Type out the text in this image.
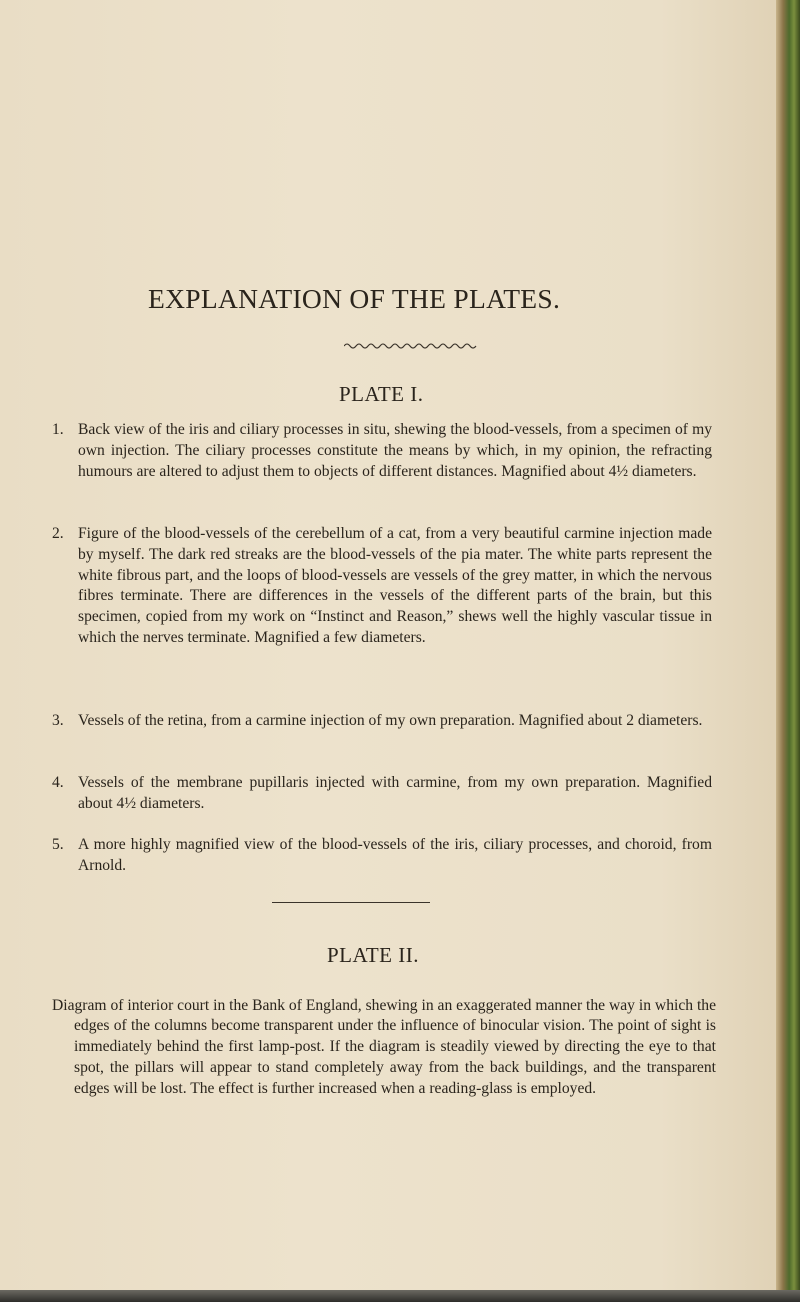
EXPLANATION OF THE PLATES.
PLATE I.
1. Back view of the iris and ciliary processes in situ, shewing the blood-vessels, from a specimen of my own injection. The ciliary processes constitute the means by which, in my opinion, the refracting humours are altered to adjust them to objects of different distances. Magnified about 4½ diameters.
2. Figure of the blood-vessels of the cerebellum of a cat, from a very beautiful carmine injection made by myself. The dark red streaks are the blood-vessels of the pia mater. The white parts represent the white fibrous part, and the loops of blood-vessels are vessels of the grey matter, in which the nervous fibres terminate. There are differences in the vessels of the different parts of the brain, but this specimen, copied from my work on “Instinct and Reason,” shews well the highly vascular tissue in which the nerves terminate. Magnified a few diameters.
3. Vessels of the retina, from a carmine injection of my own preparation. Magnified about 2 diameters.
4. Vessels of the membrane pupillaris injected with carmine, from my own preparation. Magnified about 4½ diameters.
5. A more highly magnified view of the blood-vessels of the iris, ciliary processes, and choroid, from Arnold.
PLATE II.

Diagram of interior court in the Bank of England, shewing in an exaggerated manner the way in which the edges of the columns become transparent under the influence of binocular vision. The point of sight is immediately behind the first lamp-post. If the diagram is steadily viewed by directing the eye to that spot, the pillars will appear to stand completely away from the back buildings, and the transparent edges will be lost. The effect is further increased when a reading-glass is employed.
